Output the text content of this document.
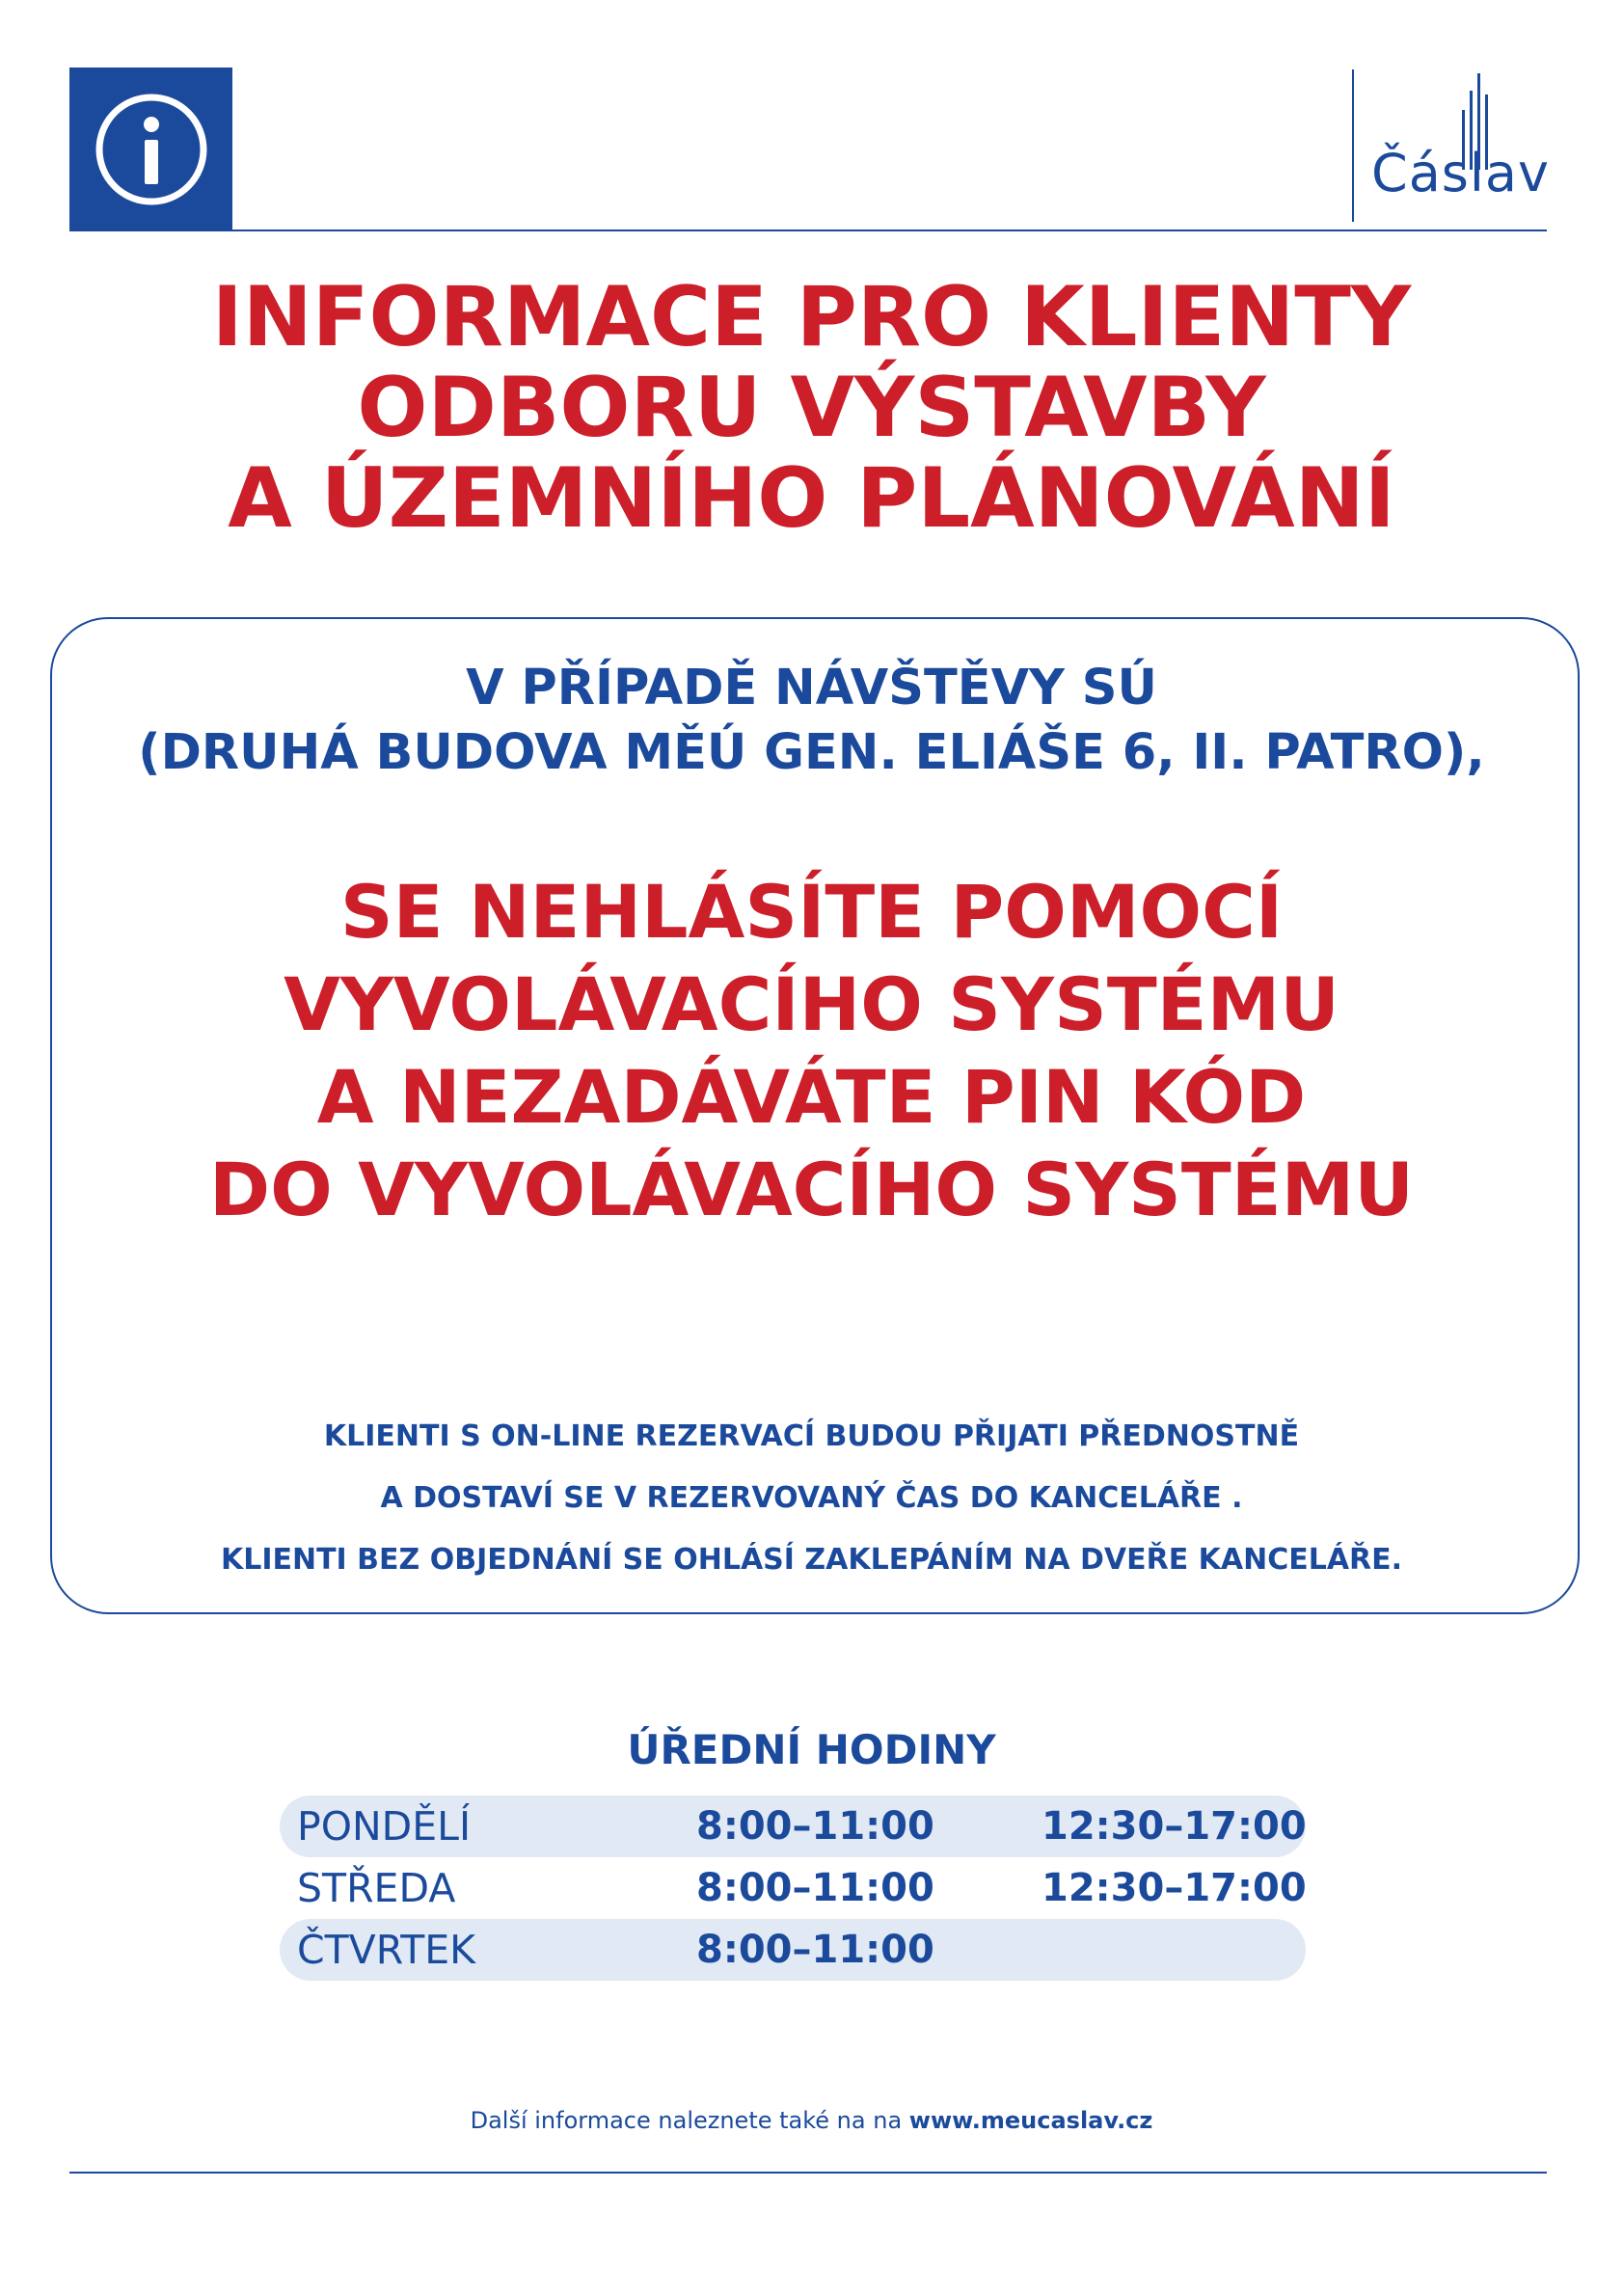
Čáslav
INFORMACE PRO KLIENTY
ODBORU VÝSTAVBY
A ÚZEMNÍHO PLÁNOVÁNÍ
V PŘÍPADĚ NÁVŠTĚVY SÚ
(DRUHÁ BUDOVA MĚÚ GEN. ELIÁŠE 6, II. PATRO),
SE NEHLÁSÍTE POMOCÍ
VYVOLÁVACÍHO SYSTÉMU
A NEZADÁVÁTE PIN KÓD
DO VYVOLÁVACÍHO SYSTÉMU
KLIENTI S ON-LINE REZERVACÍ BUDOU PŘIJATI PŘEDNOSTNĚ
A DOSTAVÍ SE V REZERVOVANÝ ČAS DO KANCELÁŘE .
KLIENTI BEZ OBJEDNÁNÍ SE OHLÁSÍ ZAKLEPÁNÍM NA DVEŘE KANCELÁŘE.
ÚŘEDNÍ HODINY
PONDĚLÍ	8:00–11:00	12:30–17:00
STŘEDA	8:00–11:00	12:30–17:00
ČTVRTEK	8:00–11:00
Další informace naleznete také na na www.meucaslav.cz
